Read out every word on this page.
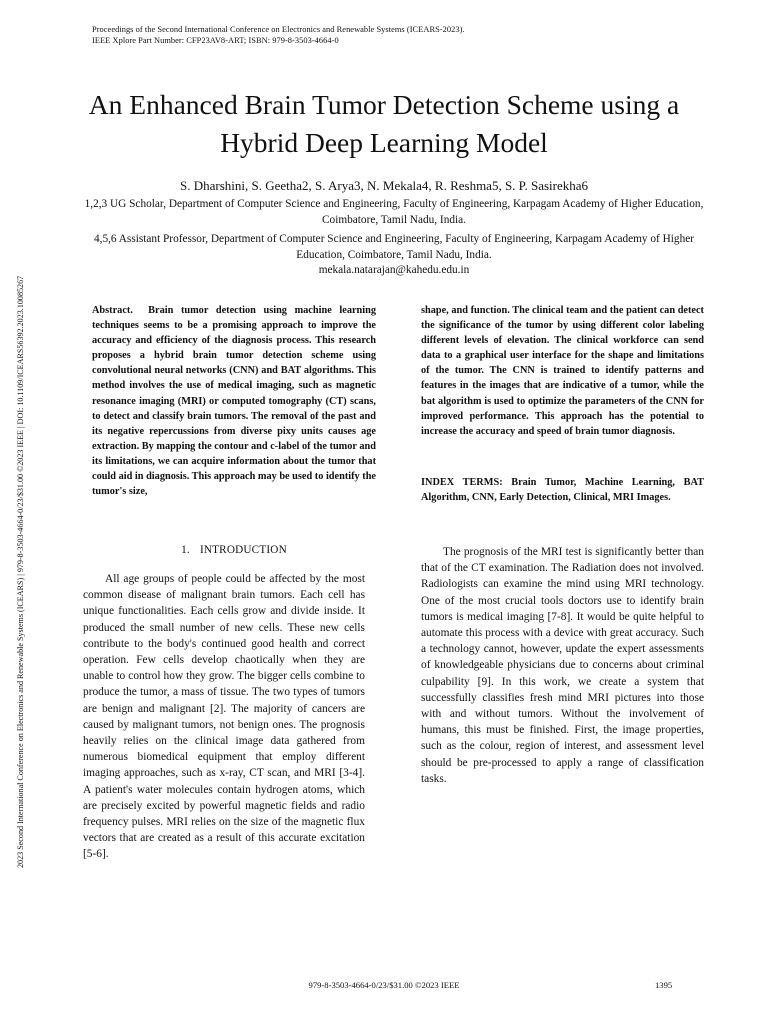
Proceedings of the Second International Conference on Electronics and Renewable Systems (ICEARS-2023).
IEEE Xplore Part Number: CFP23AV8-ART; ISBN: 979-8-3503-4664-0
2023 Second International Conference on Electronics and Renewable Systems (ICEARS) | 979-8-3503-4664-0/23/$31.00 ©2023 IEEE | DOI: 10.1109/ICEARS56392.2023.10085267
An Enhanced Brain Tumor Detection Scheme using a Hybrid Deep Learning Model
S. Dharshini, S. Geetha2, S. Arya3, N. Mekala4, R. Reshma5, S. P. Sasirekha6
1,2,3 UG Scholar, Department of Computer Science and Engineering, Faculty of Engineering, Karpagam Academy of Higher Education, Coimbatore, Tamil Nadu, India.
4,5,6 Assistant Professor, Department of Computer Science and Engineering, Faculty of Engineering, Karpagam Academy of Higher Education, Coimbatore, Tamil Nadu, India.
mekala.natarajan@kahedu.edu.in
Abstract. Brain tumor detection using machine learning techniques seems to be a promising approach to improve the accuracy and efficiency of the diagnosis process. This research proposes a hybrid brain tumor detection scheme using convolutional neural networks (CNN) and BAT algorithms. This method involves the use of medical imaging, such as magnetic resonance imaging (MRI) or computed tomography (CT) scans, to detect and classify brain tumors. The removal of the past and its negative repercussions from diverse pixy units causes age extraction. By mapping the contour and c-label of the tumor and its limitations, we can acquire information about the tumor that could aid in diagnosis. This approach may be used to identify the tumor's size,
shape, and function. The clinical team and the patient can detect the significance of the tumor by using different color labeling different levels of elevation. The clinical workforce can send data to a graphical user interface for the shape and limitations of the tumor. The CNN is trained to identify patterns and features in the images that are indicative of a tumor, while the bat algorithm is used to optimize the parameters of the CNN for improved performance. This approach has the potential to increase the accuracy and speed of brain tumor diagnosis.
INDEX TERMS: Brain Tumor, Machine Learning, BAT Algorithm, CNN, Early Detection, Clinical, MRI Images.
1. INTRODUCTION
All age groups of people could be affected by the most common disease of malignant brain tumors. Each cell has unique functionalities. Each cells grow and divide inside. It produced the small number of new cells. These new cells contribute to the body's continued good health and correct operation. Few cells develop chaotically when they are unable to control how they grow. The bigger cells combine to produce the tumor, a mass of tissue. The two types of tumors are benign and malignant [2]. The majority of cancers are caused by malignant tumors, not benign ones. The prognosis heavily relies on the clinical image data gathered from numerous biomedical equipment that employ different imaging approaches, such as x-ray, CT scan, and MRI [3-4]. A patient's water molecules contain hydrogen atoms, which are precisely excited by powerful magnetic fields and radio frequency pulses. MRI relies on the size of the magnetic flux vectors that are created as a result of this accurate excitation [5-6].
The prognosis of the MRI test is significantly better than that of the CT examination. The Radiation does not involved. Radiologists can examine the mind using MRI technology. One of the most crucial tools doctors use to identify brain tumors is medical imaging [7-8]. It would be quite helpful to automate this process with a device with great accuracy. Such a technology cannot, however, update the expert assessments of knowledgeable physicians due to concerns about criminal culpability [9]. In this work, we create a system that successfully classifies fresh mind MRI pictures into those with and without tumors. Without the involvement of humans, this must be finished. First, the image properties, such as the colour, region of interest, and assessment level should be pre-processed to apply a range of classification tasks.
979-8-3503-4664-0/23/$31.00 ©2023 IEEE	1395
